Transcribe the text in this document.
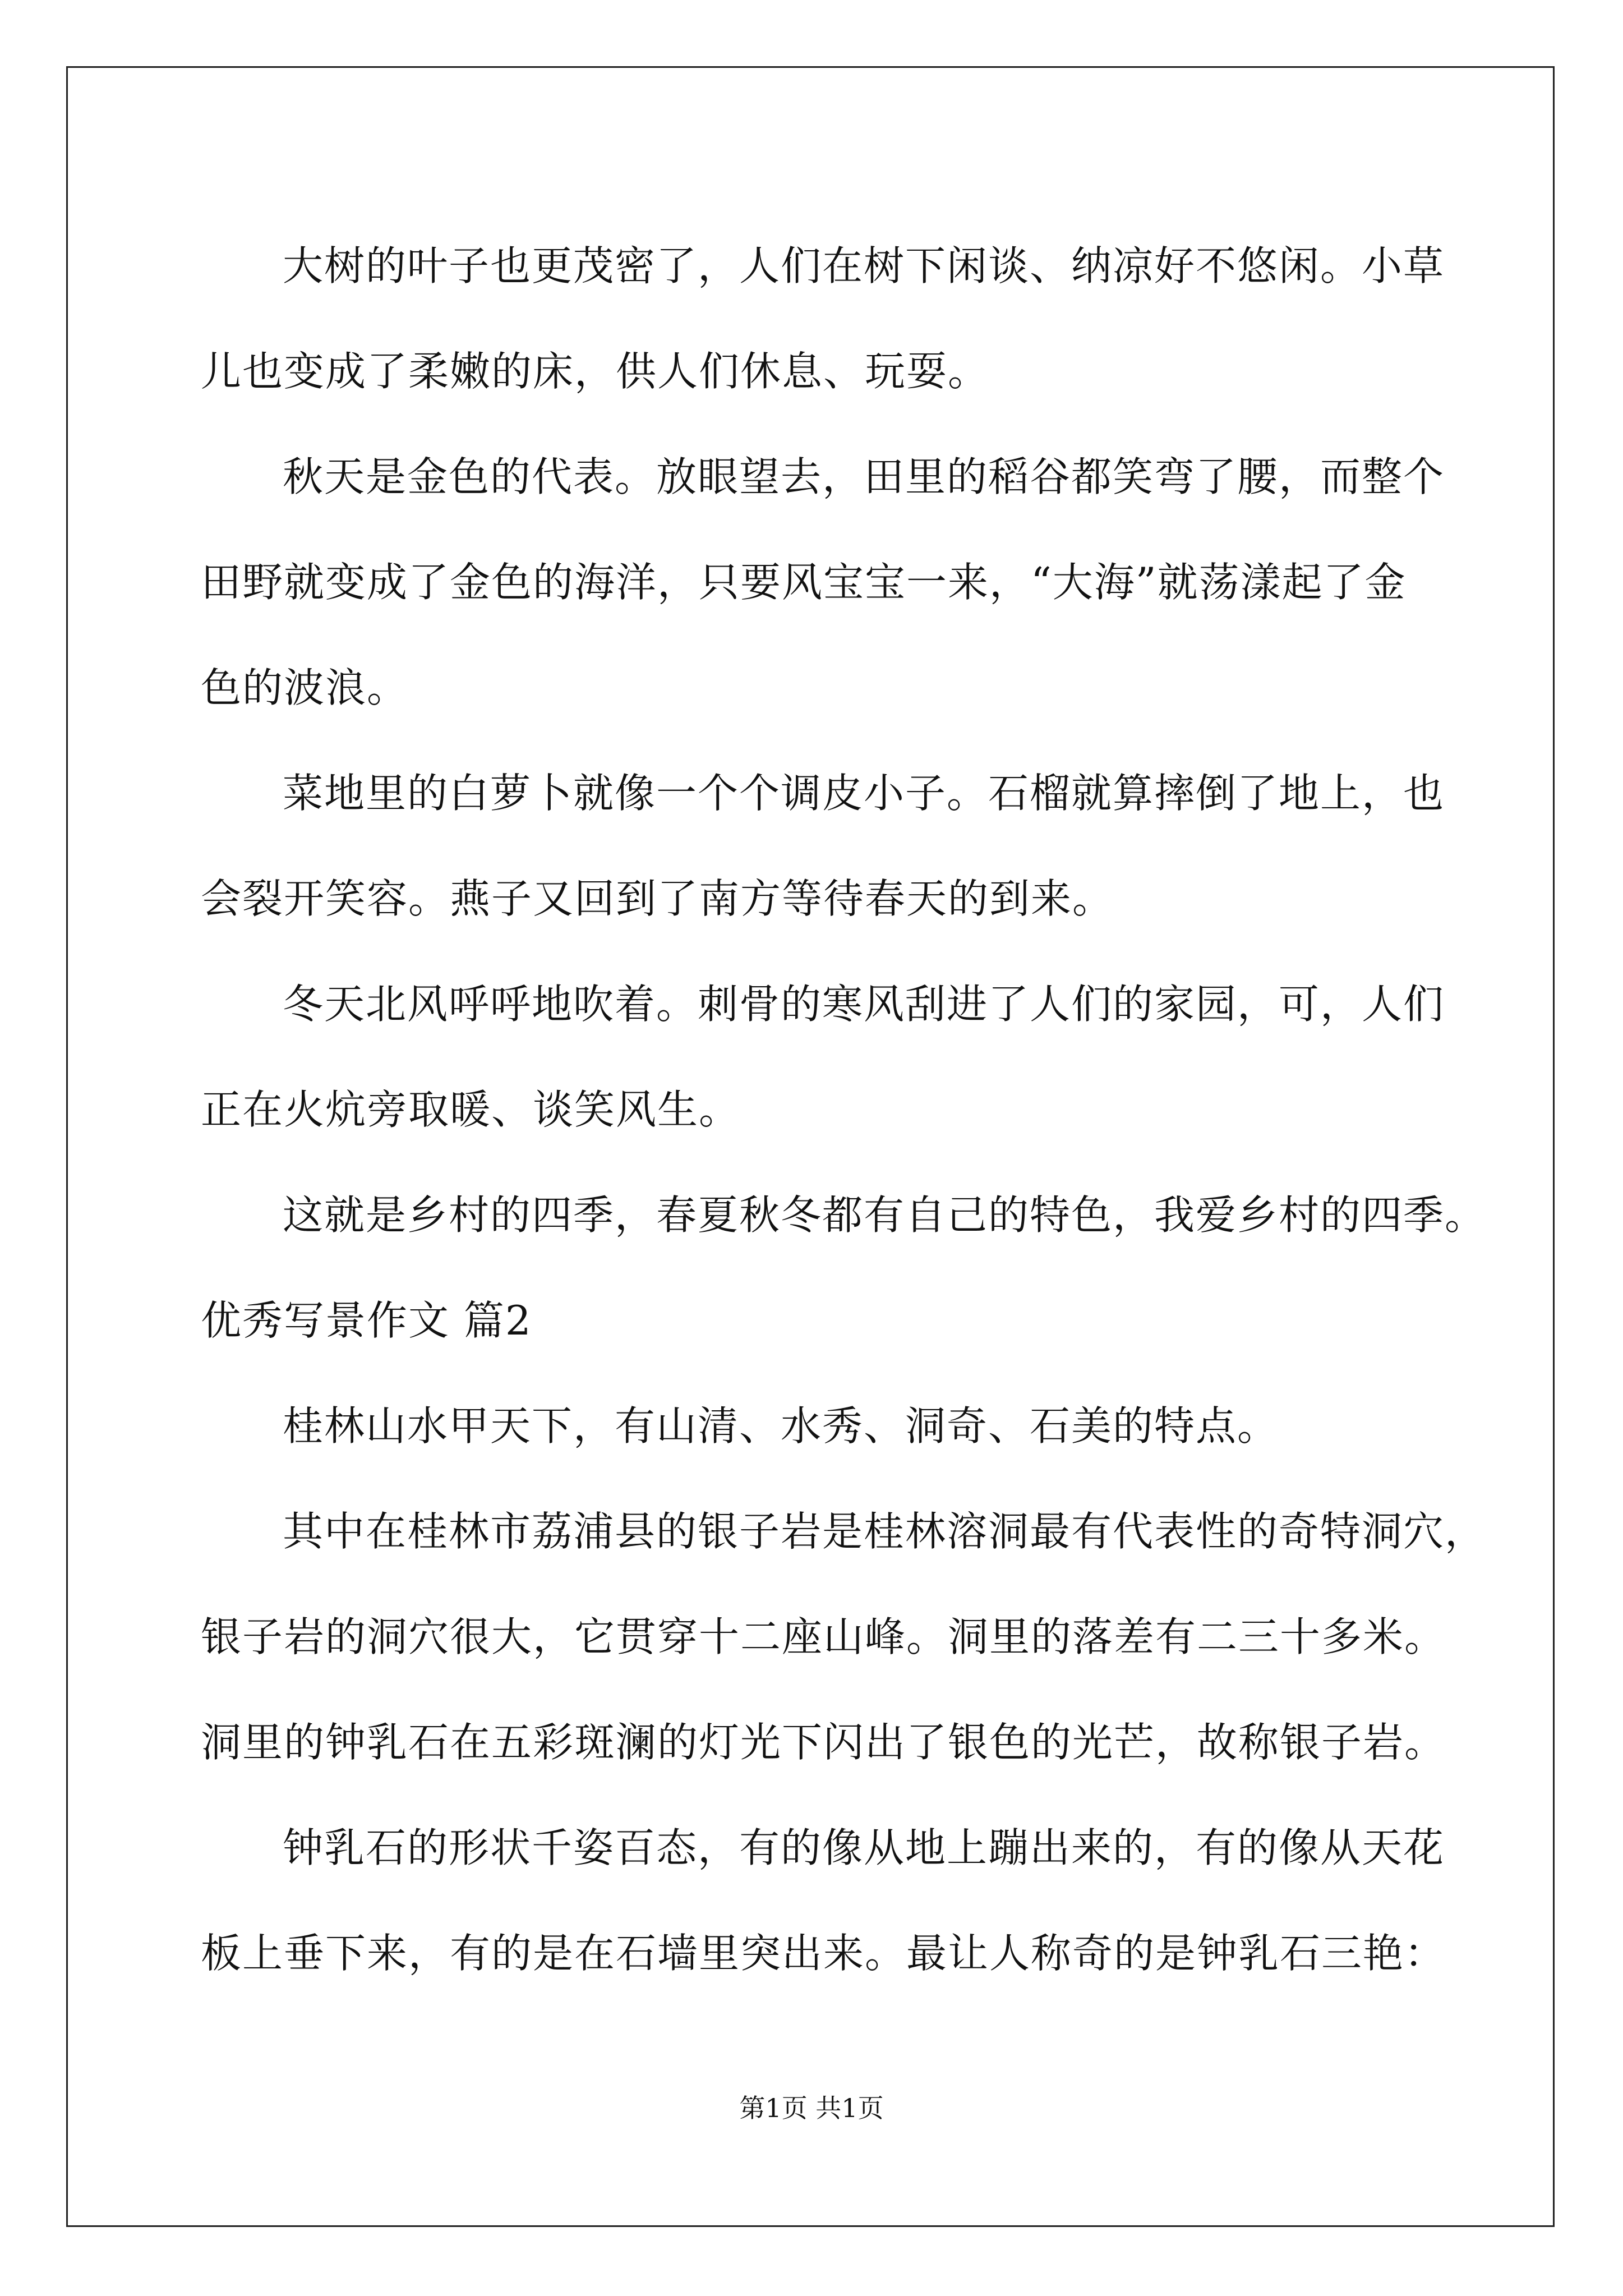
大树的叶子也更茂密了，人们在树下闲谈、纳凉好不悠闲。小草
儿也变成了柔嫩的床，供人们休息、玩耍。
秋天是金色的代表。放眼望去，田里的稻谷都笑弯了腰，而整个
田野就变成了金色的海洋，只要风宝宝一来，“大海”就荡漾起了金
色的波浪。
菜地里的白萝卜就像一个个调皮小子。石榴就算摔倒了地上，也
会裂开笑容。燕子又回到了南方等待春天的到来。
冬天北风呼呼地吹着。刺骨的寒风刮进了人们的家园，可，人们
正在火炕旁取暖、谈笑风生。
这就是乡村的四季，春夏秋冬都有自己的特色，我爱乡村的四季。
优秀写景作文 篇2
桂林山水甲天下，有山清、水秀、洞奇、石美的特点。
其中在桂林市荔浦县的银子岩是桂林溶洞最有代表性的奇特洞穴，
银子岩的洞穴很大，它贯穿十二座山峰。洞里的落差有二三十多米。
洞里的钟乳石在五彩斑澜的灯光下闪出了银色的光芒，故称银子岩。
钟乳石的形状千姿百态，有的像从地上蹦出来的，有的像从天花
板上垂下来，有的是在石墙里突出来。最让人称奇的是钟乳石三艳：
第1页 共1页
